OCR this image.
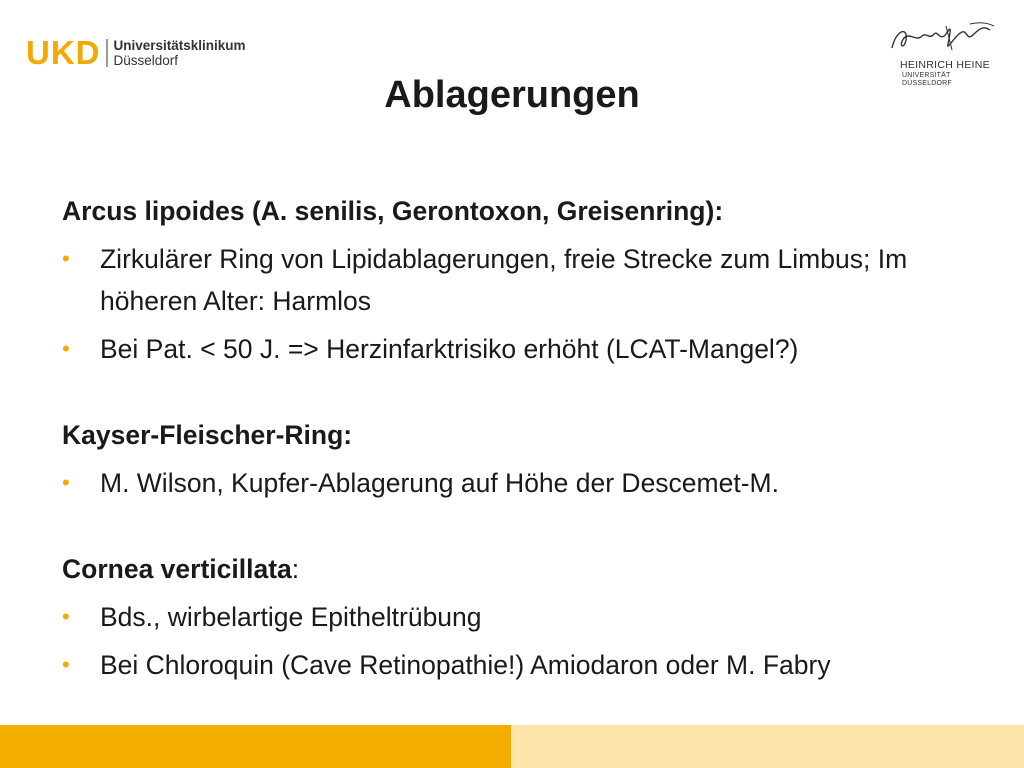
UKD Universitätsklinikum
Düsseldorf	HEINRICH HEINE
UNIVERSITÄT DÜSSELDORF
Ablagerungen

Arcus lipoides (A. senilis, Gerontoxon, Greisenring):

• Zirkulärer Ring von Lipidablagerungen, freie Strecke zum Limbus; Im höheren Alter: Harmlos
• Bei Pat. < 50 J. => Herzinfarktrisiko erhöht (LCAT-Mangel?)

Kayser-Fleischer-Ring:

• M. Wilson, Kupfer-Ablagerung auf Höhe der Descemet-M.

Cornea verticillata:

• Bds., wirbelartige Epitheltrübung
• Bei Chloroquin (Cave Retinopathie!) Amiodaron oder M. Fabry
